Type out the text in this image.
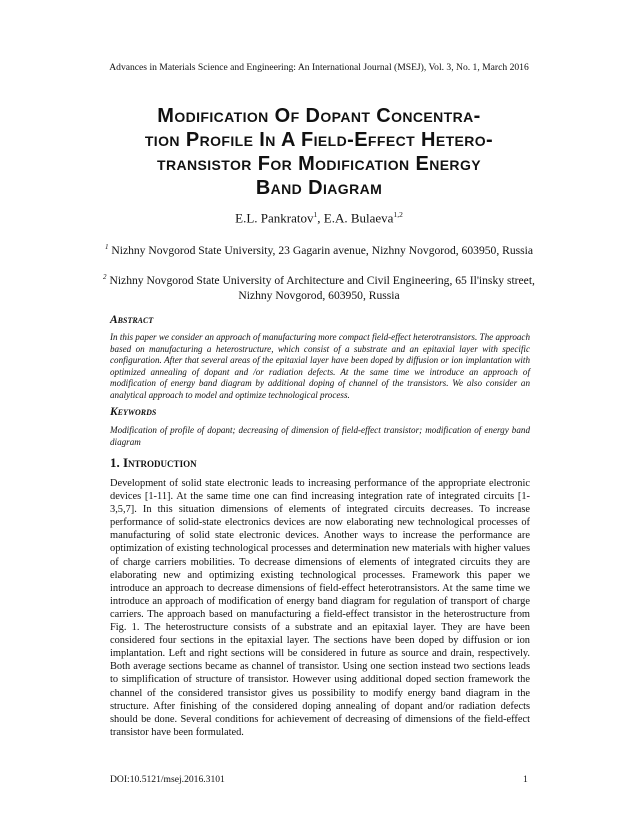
Advances in Materials Science and Engineering: An International Journal (MSEJ), Vol. 3, No. 1, March 2016
Modification Of Dopant Concentra-
tion Profile In A Field-Effect Hetero-
transistor For Modification Energy
Band Diagram
E.L. Pankratov$^1$, E.A. Bulaeva$^{1,2}$
$^1$ Nizhny Novgorod State University, 23 Gagarin avenue, Nizhny Novgorod, 603950, Russia
$^2$ Nizhny Novgorod State University of Architecture and Civil Engineering, 65 Il'insky street, Nizhny Novgorod, 603950, Russia
Abstract
In this paper we consider an approach of manufacturing more compact field-effect heterotransistors. The approach based on manufacturing a heterostructure, which consist of a substrate and an epitaxial layer with specific configuration. After that several areas of the epitaxial layer have been doped by diffusion or ion implantation with optimized annealing of dopant and /or radiation defects. At the same time we introduce an approach of modification of energy band diagram by additional doping of channel of the transistors. We also consider an analytical approach to model and optimize technological process.
Keywords
Modification of profile of dopant; decreasing of dimension of field-effect transistor; modification of energy band diagram
1. Introduction
Development of solid state electronic leads to increasing performance of the appropriate electronic devices [1-11]. At the same time one can find increasing integration rate of integrated circuits [1-3,5,7]. In this situation dimensions of elements of integrated circuits decreases. To increase performance of solid-state electronics devices are now elaborating new technological processes of manufacturing of solid state electronic devices. Another ways to increase the performance are optimization of existing technological processes and determination new materials with higher values of charge carriers mobilities. To decrease dimensions of elements of integrated circuits they are elaborating new and optimizing existing technological processes. Framework this paper we introduce an approach to decrease dimensions of field-effect heterotransistors. At the same time we introduce an approach of modification of energy band diagram for regulation of transport of charge carriers. The approach based on manufacturing a field-effect transistor in the heterostructure from Fig. 1. The heterostructure consists of a substrate and an epitaxial layer. They are have been considered four sections in the epitaxial layer. The sections have been doped by diffusion or ion implantation. Left and right sections will be considered in future as source and drain, respectively. Both average sections became as channel of transistor. Using one section instead two sections leads to simplification of structure of transistor. However using additional doped section framework the channel of the considered transistor gives us possibility to modify energy band diagram in the structure. After finishing of the considered doping annealing of dopant and/or radiation defects should be done. Several conditions for achievement of decreasing of dimensions of the field-effect transistor have been formulated.
DOI:10.5121/msej.2016.3101	1
